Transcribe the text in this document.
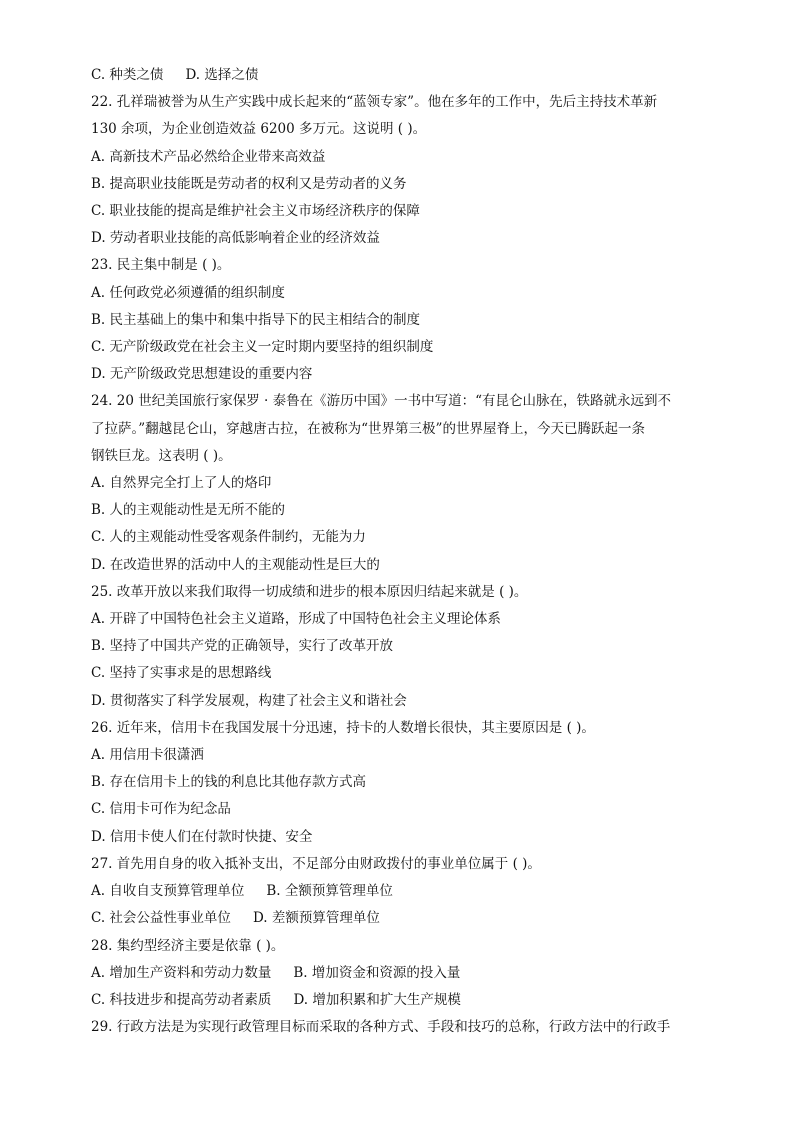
C. 种类之债 D. 选择之债
22. 孔祥瑞被誉为从生产实践中成长起来的“蓝领专家”。他在多年的工作中，先后主持技术革新
130 余项，为企业创造效益 6200 多万元。这说明 ( )。
A. 高新技术产品必然给企业带来高效益
B. 提高职业技能既是劳动者的权利又是劳动者的义务
C. 职业技能的提高是维护社会主义市场经济秩序的保障
D. 劳动者职业技能的高低影响着企业的经济效益
23. 民主集中制是 ( )。
A. 任何政党必须遵循的组织制度
B. 民主基础上的集中和集中指导下的民主相结合的制度
C. 无产阶级政党在社会主义一定时期内要坚持的组织制度
D. 无产阶级政党思想建设的重要内容
24. 20 世纪美国旅行家保罗 · 泰鲁在《游历中国》一书中写道：“有昆仑山脉在，铁路就永远到不
了拉萨。”翻越昆仑山，穿越唐古拉，在被称为“世界第三极”的世界屋脊上，今天已腾跃起一条
钢铁巨龙。这表明 ( )。
A. 自然界完全打上了人的烙印
B. 人的主观能动性是无所不能的
C. 人的主观能动性受客观条件制约，无能为力
D. 在改造世界的活动中人的主观能动性是巨大的
25. 改革开放以来我们取得一切成绩和进步的根本原因归结起来就是 ( )。
A. 开辟了中国特色社会主义道路，形成了中国特色社会主义理论体系
B. 坚持了中国共产党的正确领导，实行了改革开放
C. 坚持了实事求是的思想路线
D. 贯彻落实了科学发展观，构建了社会主义和谐社会
26. 近年来，信用卡在我国发展十分迅速，持卡的人数增长很快，其主要原因是 ( )。
A. 用信用卡很潇洒
B. 存在信用卡上的钱的利息比其他存款方式高
C. 信用卡可作为纪念品
D. 信用卡使人们在付款时快捷、安全
27. 首先用自身的收入抵补支出，不足部分由财政拨付的事业单位属于 ( )。
A. 自收自支预算管理单位 B. 全额预算管理单位
C. 社会公益性事业单位 D. 差额预算管理单位
28. 集约型经济主要是依靠 ( )。
A. 增加生产资料和劳动力数量 B. 增加资金和资源的投入量
C. 科技进步和提高劳动者素质 D. 增加积累和扩大生产规模
29. 行政方法是为实现行政管理目标而采取的各种方式、手段和技巧的总称，行政方法中的行政手
